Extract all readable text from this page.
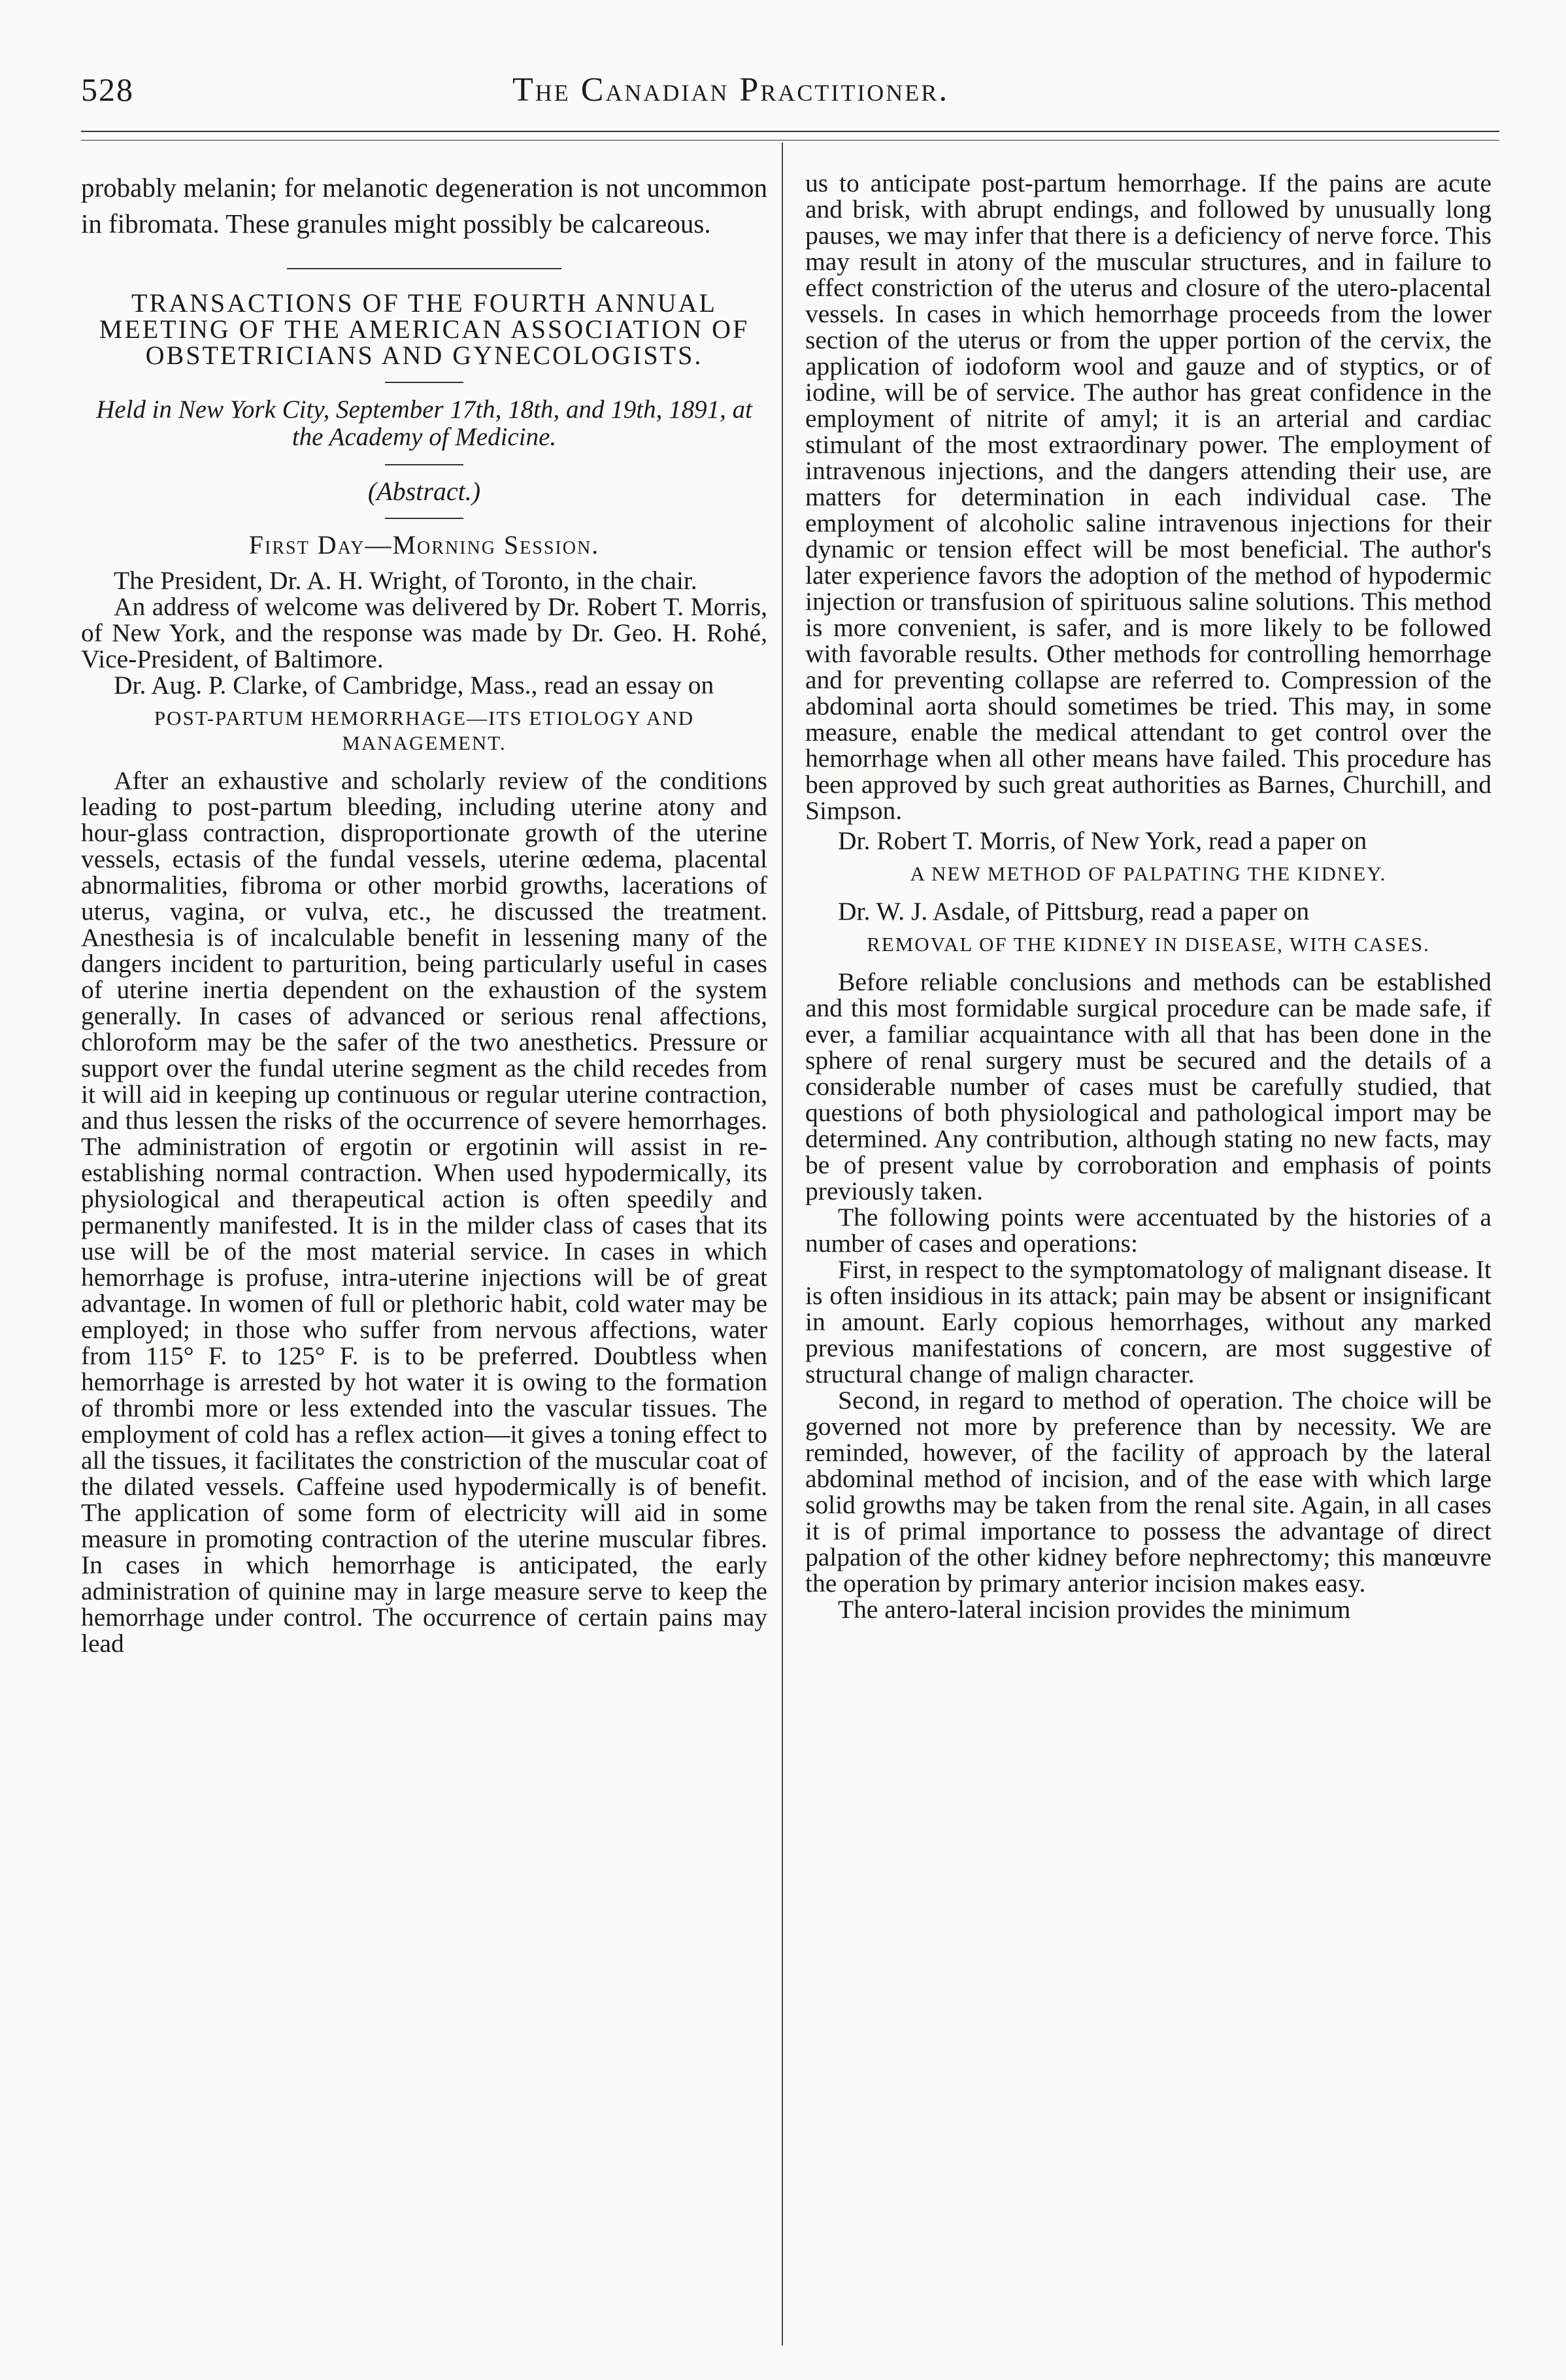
528	The Canadian Practitioner.

probably melanin; for melanotic degeneration is not uncommon in fibromata. These granules might possibly be calcareous.

TRANSACTIONS OF THE FOURTH ANNUAL MEETING OF THE AMERICAN ASSOCIATION OF OBSTETRICIANS AND GYNECOLOGISTS.
Held in New York City, September 17th, 18th, and 19th, 1891, at the Academy of Medicine.
(Abstract.)
First Day—Morning Session.

The President, Dr. A. H. Wright, of Toronto, in the chair.

An address of welcome was delivered by Dr. Robert T. Morris, of New York, and the response was made by Dr. Geo. H. Rohé, Vice-President, of Baltimore.

Dr. Aug. P. Clarke, of Cambridge, Mass., read an essay on

POST-PARTUM HEMORRHAGE—ITS ETIOLOGY AND MANAGEMENT.

After an exhaustive and scholarly review of the conditions leading to post-partum bleeding, including uterine atony and hour-glass contraction, disproportionate growth of the uterine vessels, ectasis of the fundal vessels, uterine œdema, placental abnormalities, fibroma or other morbid growths, lacerations of uterus, vagina, or vulva, etc., he discussed the treatment. Anesthesia is of incalculable benefit in lessening many of the dangers incident to parturition, being particularly useful in cases of uterine inertia dependent on the exhaustion of the system generally. In cases of advanced or serious renal affections, chloroform may be the safer of the two anesthetics. Pressure or support over the fundal uterine segment as the child recedes from it will aid in keeping up continuous or regular uterine contraction, and thus lessen the risks of the occurrence of severe hemorrhages. The administration of ergotin or ergotinin will assist in re-establishing normal contraction. When used hypodermically, its physiological and therapeutical action is often speedily and permanently manifested. It is in the milder class of cases that its use will be of the most material service. In cases in which hemorrhage is profuse, intra-uterine injections will be of great advantage. In women of full or plethoric habit, cold water may be employed; in those who suffer from nervous affections, water from 115° F. to 125° F. is to be preferred. Doubtless when hemorrhage is arrested by hot water it is owing to the formation of thrombi more or less extended into the vascular tissues. The employment of cold has a reflex action—it gives a toning effect to all the tissues, it facilitates the constriction of the muscular coat of the dilated vessels. Caffeine used hypodermically is of benefit. The application of some form of electricity will aid in some measure in promoting contraction of the uterine muscular fibres. In cases in which hemorrhage is anticipated, the early administration of quinine may in large measure serve to keep the hemorrhage under control. The occurrence of certain pains may lead

us to anticipate post-partum hemorrhage. If the pains are acute and brisk, with abrupt endings, and followed by unusually long pauses, we may infer that there is a deficiency of nerve force. This may result in atony of the muscular structures, and in failure to effect constriction of the uterus and closure of the utero-placental vessels. In cases in which hemorrhage proceeds from the lower section of the uterus or from the upper portion of the cervix, the application of iodoform wool and gauze and of styptics, or of iodine, will be of service. The author has great confidence in the employment of nitrite of amyl; it is an arterial and cardiac stimulant of the most extraordinary power. The employment of intravenous injections, and the dangers attending their use, are matters for determination in each individual case. The employment of alcoholic saline intravenous injections for their dynamic or tension effect will be most beneficial. The author's later experience favors the adoption of the method of hypodermic injection or transfusion of spirituous saline solutions. This method is more convenient, is safer, and is more likely to be followed with favorable results. Other methods for controlling hemorrhage and for preventing collapse are referred to. Compression of the abdominal aorta should sometimes be tried. This may, in some measure, enable the medical attendant to get control over the hemorrhage when all other means have failed. This procedure has been approved by such great authorities as Barnes, Churchill, and Simpson.

Dr. Robert T. Morris, of New York, read a paper on

A NEW METHOD OF PALPATING THE KIDNEY.

Dr. W. J. Asdale, of Pittsburg, read a paper on

REMOVAL OF THE KIDNEY IN DISEASE, WITH CASES.

Before reliable conclusions and methods can be established and this most formidable surgical procedure can be made safe, if ever, a familiar acquaintance with all that has been done in the sphere of renal surgery must be secured and the details of a considerable number of cases must be carefully studied, that questions of both physiological and pathological import may be determined. Any contribution, although stating no new facts, may be of present value by corroboration and emphasis of points previously taken.

The following points were accentuated by the histories of a number of cases and operations:

First, in respect to the symptomatology of malignant disease. It is often insidious in its attack; pain may be absent or insignificant in amount. Early copious hemorrhages, without any marked previous manifestations of concern, are most suggestive of structural change of malign character.

Second, in regard to method of operation. The choice will be governed not more by preference than by necessity. We are reminded, however, of the facility of approach by the lateral abdominal method of incision, and of the ease with which large solid growths may be taken from the renal site. Again, in all cases it is of primal importance to possess the advantage of direct palpation of the other kidney before nephrectomy; this manœuvre the operation by primary anterior incision makes easy.

The antero-lateral incision provides the minimum
